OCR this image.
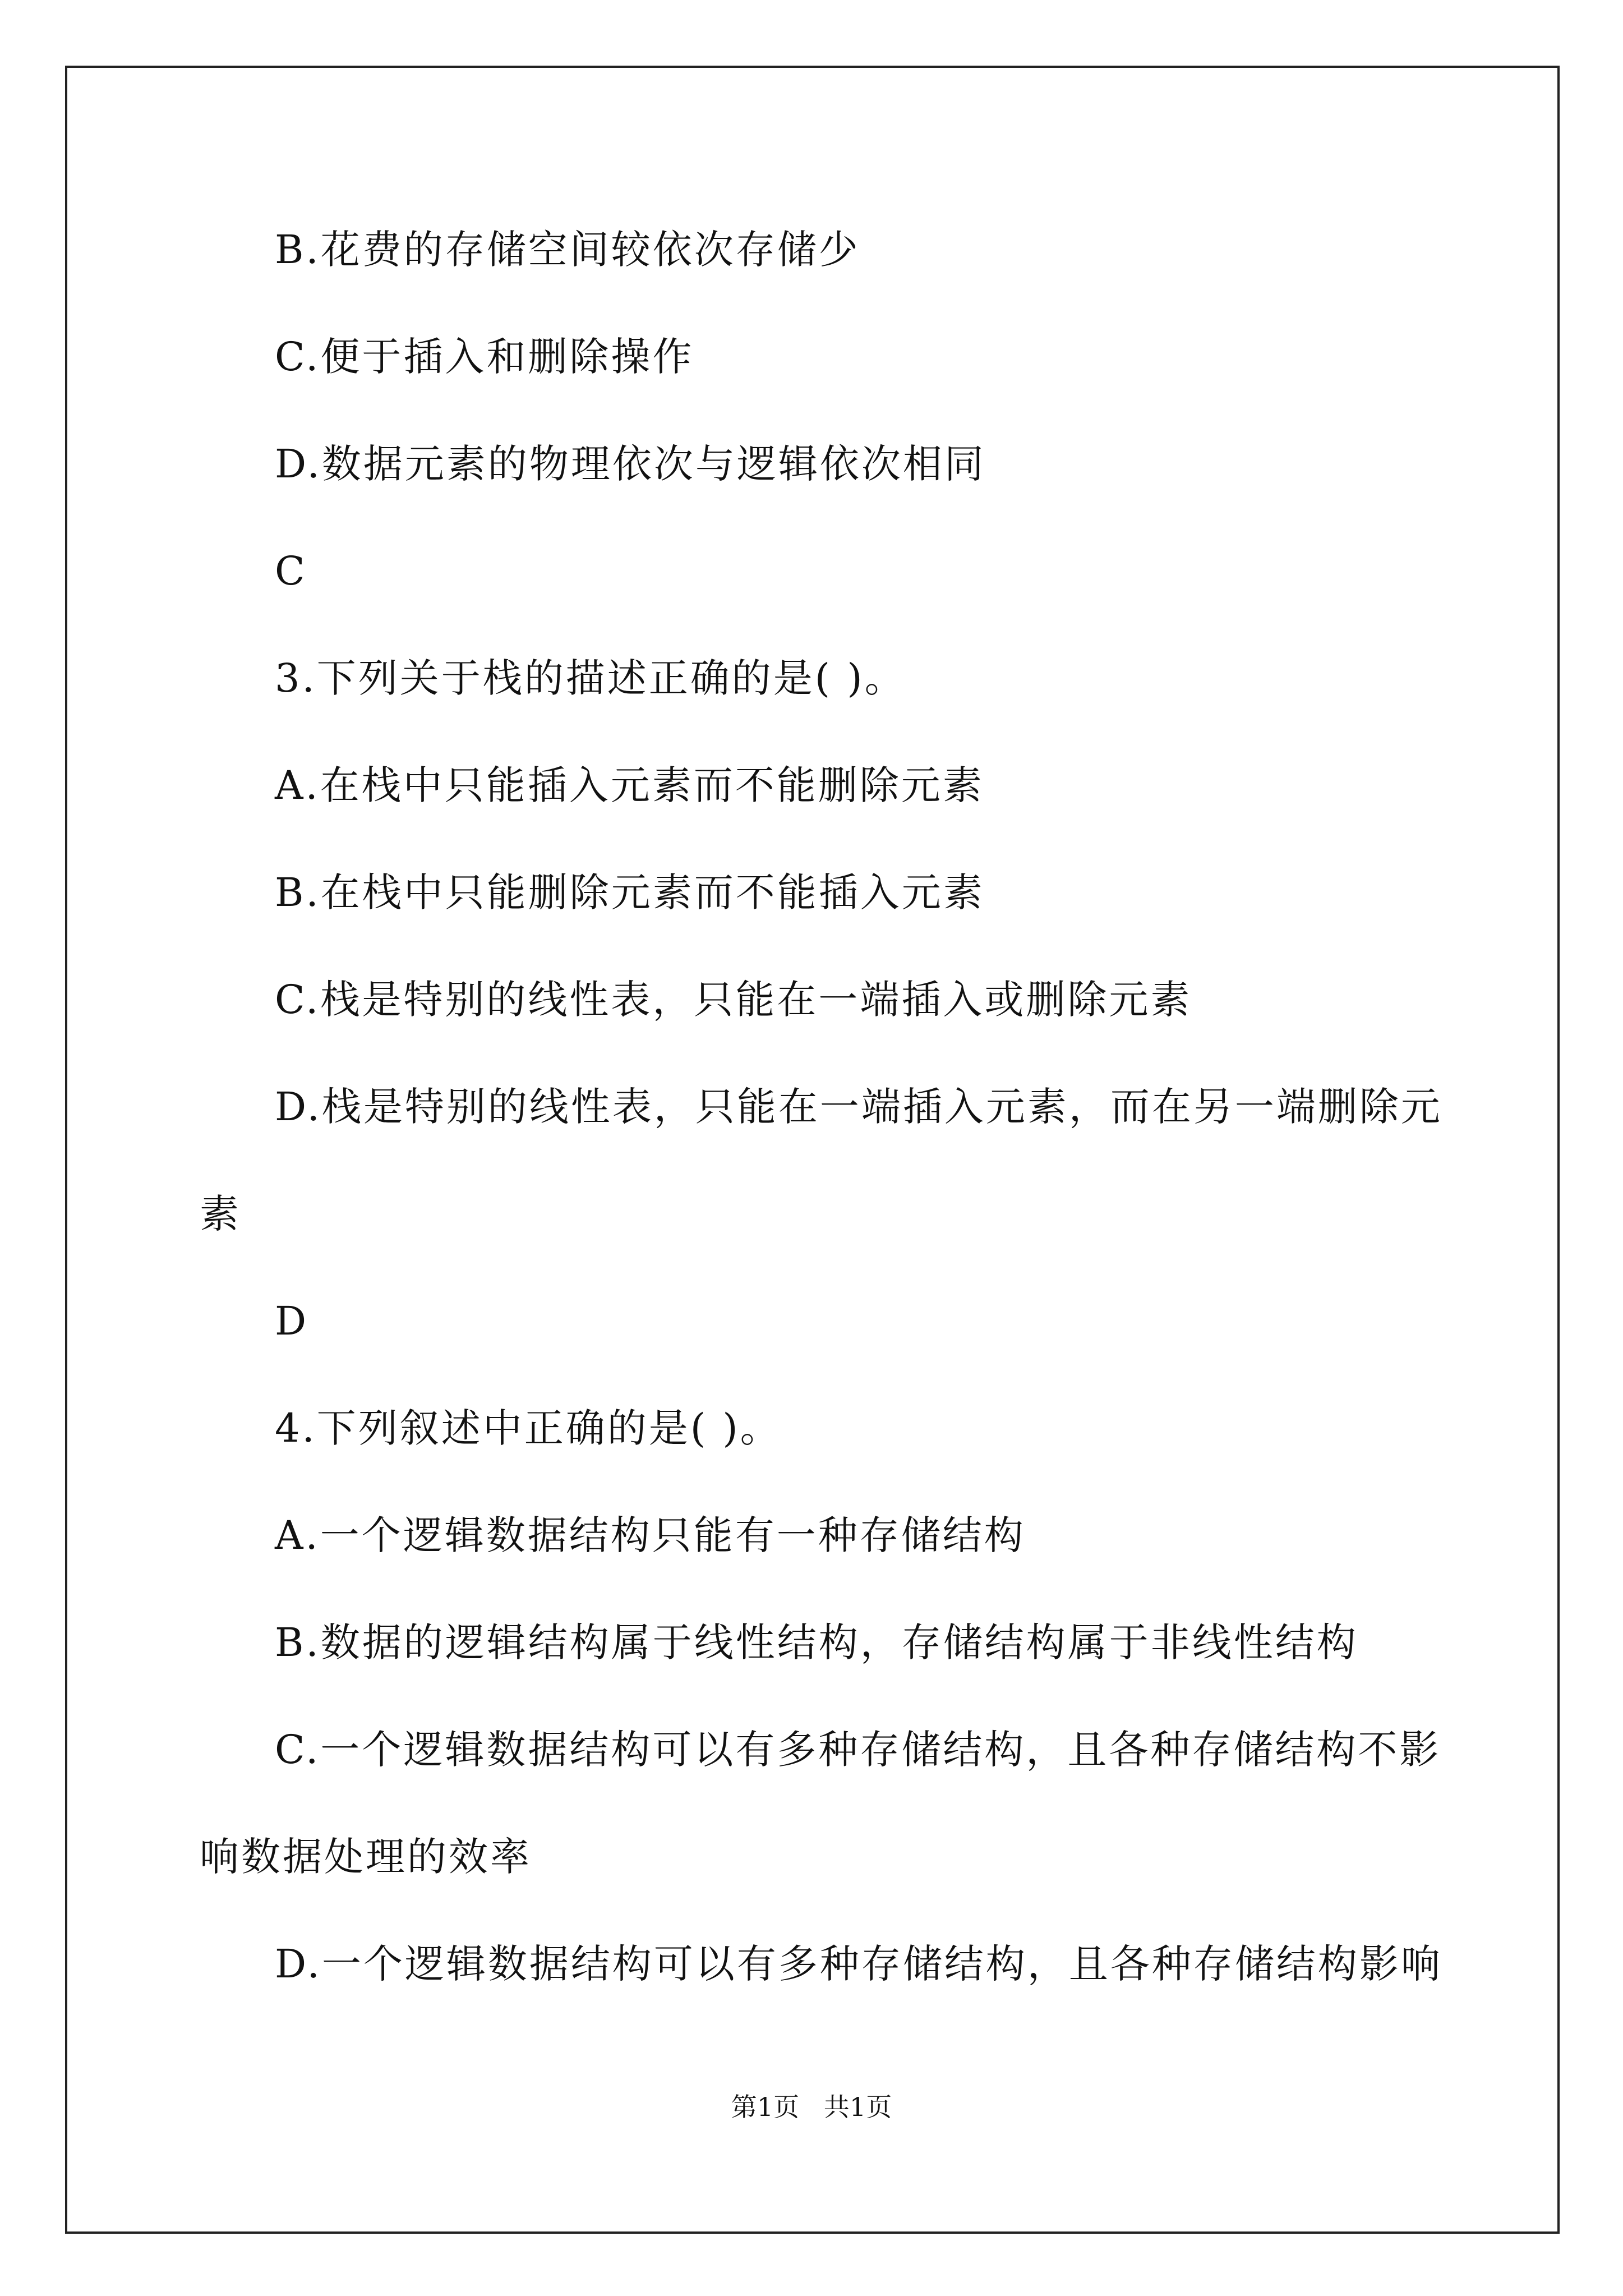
B.花费的存储空间较依次存储少
C.便于插入和删除操作
D.数据元素的物理依次与逻辑依次相同
C
3.下列关于栈的描述正确的是( )。
A.在栈中只能插入元素而不能删除元素
B.在栈中只能删除元素而不能插入元素
C.栈是特别的线性表，只能在一端插入或删除元素
D.栈是特别的线性表，只能在一端插入元素，而在另一端删除元
素
D
4.下列叙述中正确的是( )。
A.一个逻辑数据结构只能有一种存储结构
B.数据的逻辑结构属于线性结构，存储结构属于非线性结构
C.一个逻辑数据结构可以有多种存储结构，且各种存储结构不影
响数据处理的效率
D.一个逻辑数据结构可以有多种存储结构，且各种存储结构影响
第1页   共1页
